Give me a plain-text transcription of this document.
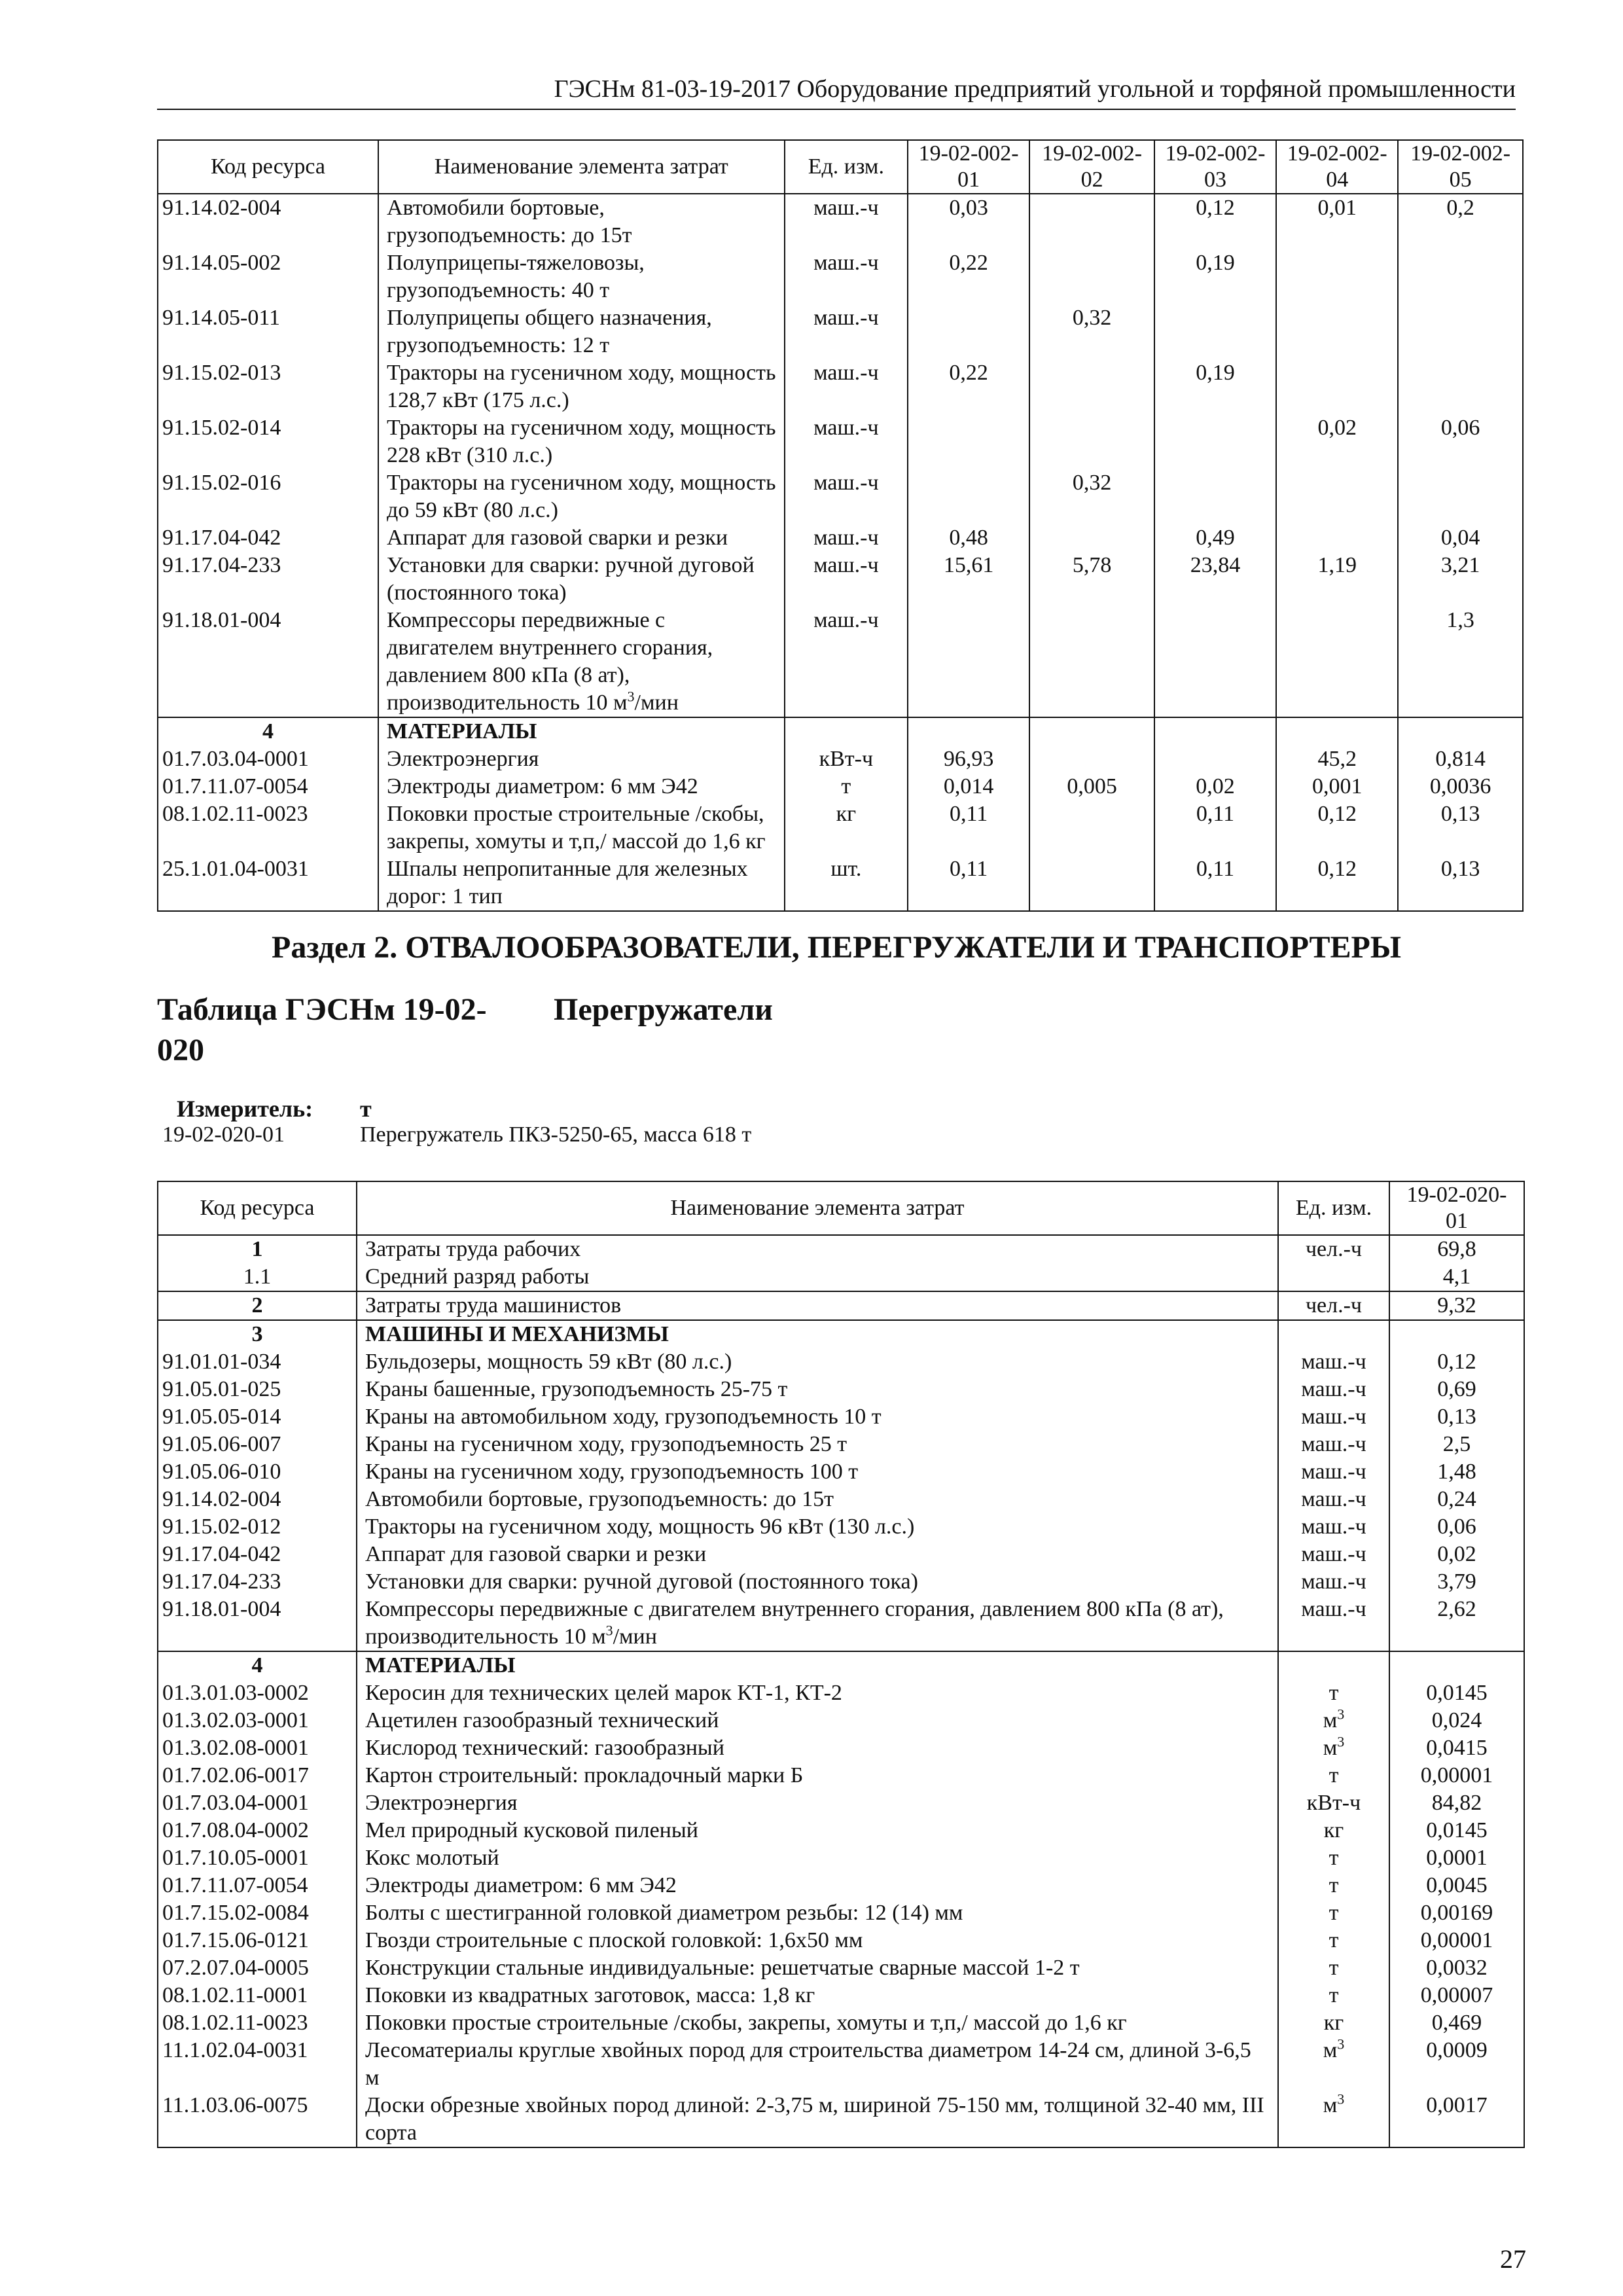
ГЭСНм 81-03-19-2017 Оборудование предприятий угольной и торфяной промышленности
Код ресурса	Наименование элемента затрат	Ед. изм.	19-02-002-01	19-02-002-02	19-02-002-03	19-02-002-04	19-02-002-05
91.14.02-004	Автомобили бортовые, грузоподъемность: до 15т	маш.-ч	0,03		0,12	0,01	0,2
91.14.05-002	Полуприцепы-тяжеловозы, грузоподъемность: 40 т	маш.-ч	0,22		0,19		
91.14.05-011	Полуприцепы общего назначения, грузоподъемность: 12 т	маш.-ч		0,32			
91.15.02-013	Тракторы на гусеничном ходу, мощность 128,7 кВт (175 л.с.)	маш.-ч	0,22		0,19		
91.15.02-014	Тракторы на гусеничном ходу, мощность 228 кВт (310 л.с.)	маш.-ч				0,02	0,06
91.15.02-016	Тракторы на гусеничном ходу, мощность до 59 кВт (80 л.с.)	маш.-ч		0,32			
91.17.04-042	Аппарат для газовой сварки и резки	маш.-ч	0,48		0,49		0,04
91.17.04-233	Установки для сварки: ручной дуговой (постоянного тока)	маш.-ч	15,61	5,78	23,84	1,19	3,21
91.18.01-004	Компрессоры передвижные с двигателем внутреннего сгорания, давлением 800 кПа (8 ат), производительность 10 $м^3$/мин	маш.-ч					1,3
4	МАТЕРИАЛЫ						
01.7.03.04-0001	Электроэнергия	кВт-ч	96,93			45,2	0,814
01.7.11.07-0054	Электроды диаметром: 6 мм Э42	т	0,014	0,005	0,02	0,001	0,0036
08.1.02.11-0023	Поковки простые строительные /скобы, закрепы, хомуты и т,п,/ массой до 1,6 кг	кг	0,11		0,11	0,12	0,13
25.1.01.04-0031	Шпалы непропитанные для железных дорог: 1 тип	шт.	0,11		0,11	0,12	0,13
Раздел 2. ОТВАЛООБРАЗОВАТЕЛИ, ПЕРЕГРУЖАТЕЛИ И ТРАНСПОРТЕРЫ
Таблица ГЭСНм 19-02-020
Перегружатели
Измеритель: т
19-02-020-01	Перегружатель ПКЗ-5250-65, масса 618 т
Код ресурса	Наименование элемента затрат	Ед. изм.	19-02-020-01
1	Затраты труда рабочих	чел.-ч	69,8
1.1	Средний разряд работы		4,1
2	Затраты труда машинистов	чел.-ч	9,32
3	МАШИНЫ И МЕХАНИЗМЫ		
91.01.01-034	Бульдозеры, мощность 59 кВт (80 л.с.)	маш.-ч	0,12
91.05.01-025	Краны башенные, грузоподъемность 25-75 т	маш.-ч	0,69
91.05.05-014	Краны на автомобильном ходу, грузоподъемность 10 т	маш.-ч	0,13
91.05.06-007	Краны на гусеничном ходу, грузоподъемность 25 т	маш.-ч	2,5
91.05.06-010	Краны на гусеничном ходу, грузоподъемность 100 т	маш.-ч	1,48
91.14.02-004	Автомобили бортовые, грузоподъемность: до 15т	маш.-ч	0,24
91.15.02-012	Тракторы на гусеничном ходу, мощность 96 кВт (130 л.с.)	маш.-ч	0,06
91.17.04-042	Аппарат для газовой сварки и резки	маш.-ч	0,02
91.17.04-233	Установки для сварки: ручной дуговой (постоянного тока)	маш.-ч	3,79
91.18.01-004	Компрессоры передвижные с двигателем внутреннего сгорания, давлением 800 кПа (8 ат), производительность 10 $м^3$/мин	маш.-ч	2,62
4	МАТЕРИАЛЫ		
01.3.01.03-0002	Керосин для технических целей марок КТ-1, КТ-2	т	0,0145
01.3.02.03-0001	Ацетилен газообразный технический	$м^3$	0,024
01.3.02.08-0001	Кислород технический: газообразный	$м^3$	0,0415
01.7.02.06-0017	Картон строительный: прокладочный марки Б	т	0,00001
01.7.03.04-0001	Электроэнергия	кВт-ч	84,82
01.7.08.04-0002	Мел природный кусковой пиленый	кг	0,0145
01.7.10.05-0001	Кокс молотый	т	0,0001
01.7.11.07-0054	Электроды диаметром: 6 мм Э42	т	0,0045
01.7.15.02-0084	Болты с шестигранной головкой диаметром резьбы: 12 (14) мм	т	0,00169
01.7.15.06-0121	Гвозди строительные с плоской головкой: 1,6х50 мм	т	0,00001
07.2.07.04-0005	Конструкции стальные индивидуальные: решетчатые сварные массой 1-2 т	т	0,0032
08.1.02.11-0001	Поковки из квадратных заготовок, масса: 1,8 кг	т	0,00007
08.1.02.11-0023	Поковки простые строительные /скобы, закрепы, хомуты и т,п,/ массой до 1,6 кг	кг	0,469
11.1.02.04-0031	Лесоматериалы круглые хвойных пород для строительства диаметром 14-24 см, длиной 3-6,5 м	$м^3$	0,0009
11.1.03.06-0075	Доски обрезные хвойных пород длиной: 2-3,75 м, шириной 75-150 мм, толщиной 32-40 мм, III сорта	$м^3$	0,0017
27
